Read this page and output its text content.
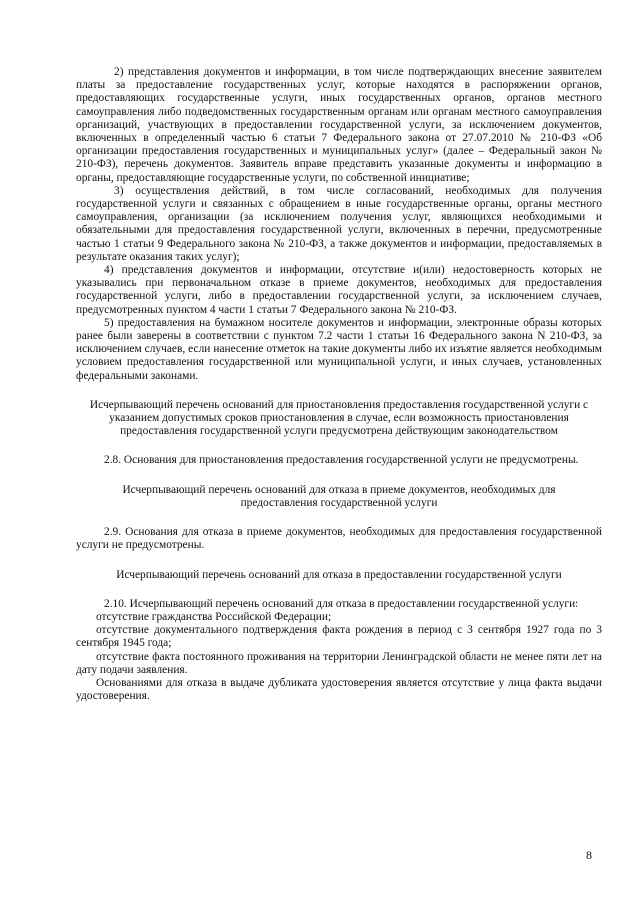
2) представления документов и информации, в том числе подтверждающих внесение заявителем платы за предоставление государственных услуг, которые находятся в распоряжении органов, предоставляющих государственные услуги, иных государственных органов, органов местного самоуправления либо подведомственных государственным органам или органам местного самоуправления организаций, участвующих в предоставлении государственной услуги, за исключением документов, включенных в определенный частью 6 статьи 7 Федерального закона от 27.07.2010 № 210-ФЗ «Об организации предоставления государственных и муниципальных услуг» (далее – Федеральный закон № 210-ФЗ), перечень документов. Заявитель вправе представить указанные документы и информацию в органы, предоставляющие государственные услуги, по собственной инициативе;

3) осуществления действий, в том числе согласований, необходимых для получения государственной услуги и связанных с обращением в иные государственные органы, органы местного самоуправления, организации (за исключением получения услуг, являющихся необходимыми и обязательными для предоставления государственной услуги, включенных в перечни, предусмотренные частью 1 статьи 9 Федерального закона № 210-ФЗ, а также документов и информации, предоставляемых в результате оказания таких услуг);

4) представления документов и информации, отсутствие и(или) недостоверность которых не указывались при первоначальном отказе в приеме документов, необходимых для предоставления государственной услуги, либо в предоставлении государственной услуги, за исключением случаев, предусмотренных пунктом 4 части 1 статьи 7 Федерального закона № 210-ФЗ.

5) предоставления на бумажном носителе документов и информации, электронные образы которых ранее были заверены в соответствии с пунктом 7.2 части 1 статьи 16 Федерального закона N 210-ФЗ, за исключением случаев, если нанесение отметок на такие документы либо их изъятие является необходимым условием предоставления государственной или муниципальной услуги, и иных случаев, установленных федеральными законами.

Исчерпывающий перечень оснований для приостановления предоставления государственной услуги с указанием допустимых сроков приостановления в случае, если возможность приостановления предоставления государственной услуги предусмотрена действующим законодательством

2.8. Основания для приостановления предоставления государственной услуги не предусмотрены.

Исчерпывающий перечень оснований для отказа в приеме документов, необходимых для предоставления государственной услуги

2.9. Основания для отказа в приеме документов, необходимых для предоставления государственной услуги не предусмотрены.

Исчерпывающий перечень оснований для отказа в предоставлении государственной услуги

2.10. Исчерпывающий перечень оснований для отказа в предоставлении государственной услуги:

отсутствие гражданства Российской Федерации;

отсутствие документального подтверждения факта рождения в период с 3 сентября 1927 года по 3 сентября 1945 года;

отсутствие факта постоянного проживания на территории Ленинградской области не менее пяти лет на дату подачи заявления.

Основаниями для отказа в выдаче дубликата удостоверения является отсутствие у лица факта выдачи удостоверения.

8
